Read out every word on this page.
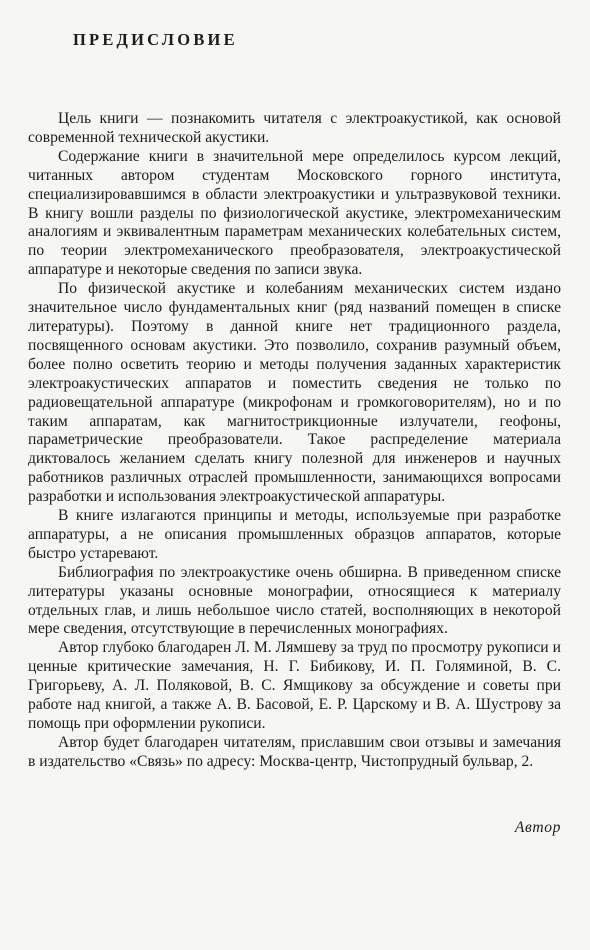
ПРЕДИСЛОВИЕ

Цель книги — познакомить читателя с электроакустикой, как основой современной технической акустики.

Содержание книги в значительной мере определилось курсом лекций, читанных автором студентам Московского горного института, специализировавшимся в области электроакустики и ультразвуковой техники. В книгу вошли разделы по физиологической акустике, электромеханическим аналогиям и эквивалентным параметрам механических колебательных систем, по теории электромеханического преобразователя, электроакустической аппаратуре и некоторые сведения по записи звука.

По физической акустике и колебаниям механических систем издано значительное число фундаментальных книг (ряд названий помещен в списке литературы). Поэтому в данной книге нет традиционного раздела, посвященного основам акустики. Это позволило, сохранив разумный объем, более полно осветить теорию и методы получения заданных характеристик электроакустических аппаратов и поместить сведения не только по радиовещательной аппаратуре (микрофонам и громкоговорителям), но и по таким аппаратам, как магнитострикционные излучатели, геофоны, параметрические преобразователи. Такое распределение материала диктовалось желанием сделать книгу полезной для инженеров и научных работников различных отраслей промышленности, занимающихся вопросами разработки и использования электроакустической аппаратуры.

В книге излагаются принципы и методы, используемые при разработке аппаратуры, а не описания промышленных образцов аппаратов, которые быстро устаревают.

Библиография по электроакустике очень обширна. В приведенном списке литературы указаны основные монографии, относящиеся к материалу отдельных глав, и лишь небольшое число статей, восполняющих в некоторой мере сведения, отсутствующие в перечисленных монографиях.

Автор глубоко благодарен Л. М. Лямшеву за труд по просмотру рукописи и ценные критические замечания, Н. Г. Бибикову, И. П. Голяминой, В. С. Григорьеву, А. Л. Поляковой, В. С. Ямщикову за обсуждение и советы при работе над книгой, а также А. В. Басовой, Е. Р. Царскому и В. А. Шустрову за помощь при оформлении рукописи.

Автор будет благодарен читателям, приславшим свои отзывы и замечания в издательство «Связь» по адресу: Москва-центр, Чистопрудный бульвар, 2.

Автор
